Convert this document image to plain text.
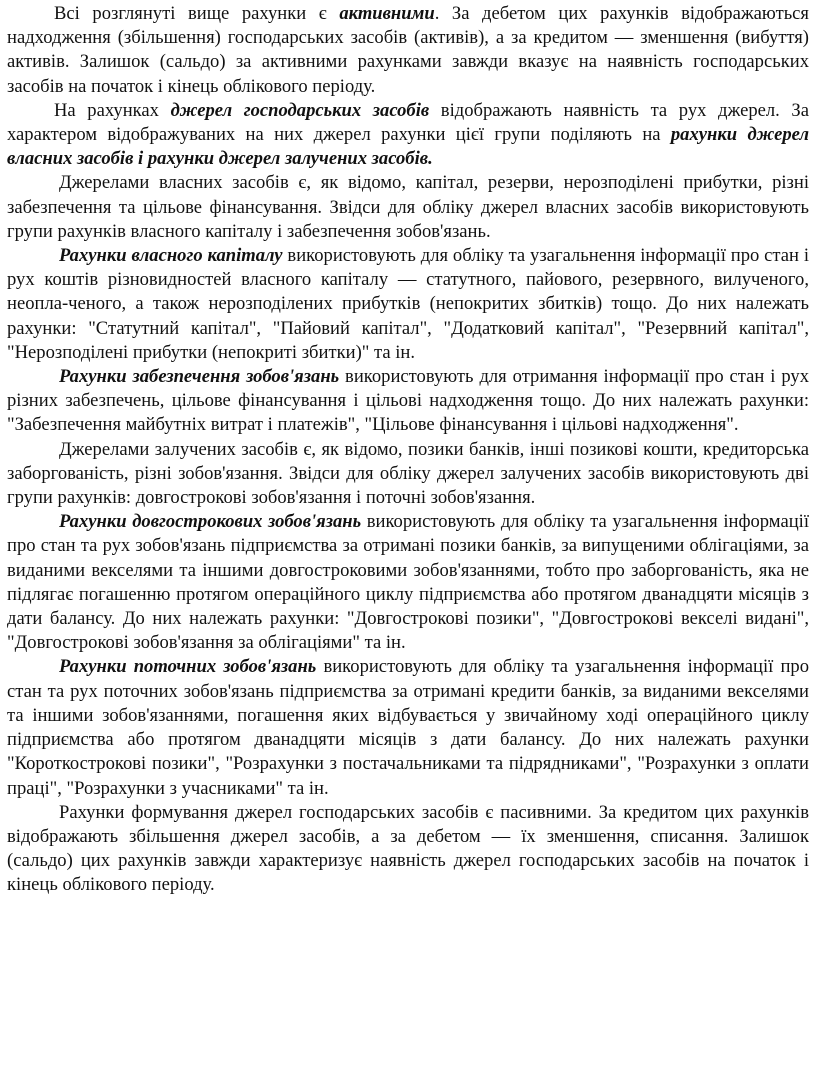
Всі розглянуті вище рахунки є активними. За дебетом цих рахунків відображаються надходження (збільшення) господарських засобів (активів), а за кредитом — зменшення (вибуття) активів. Залишок (сальдо) за активними рахунками завжди вказує на наявність господарських засобів на початок і кінець облікового періоду.

На рахунках джерел господарських засобів відображають наявність та рух джерел. За характером відображуваних на них джерел рахунки цієї групи поділяють на рахунки джерел власних засобів і рахунки джерел залучених засобів.

Джерелами власних засобів є, як відомо, капітал, резерви, нерозподілені прибутки, різні забезпечення та цільове фінансування. Звідси для обліку джерел власних засобів використовують групи рахунків власного капіталу і забезпечення зобов'язань.

Рахунки власного капіталу використовують для обліку та узагальнення інформації про стан і рух коштів різновидностей власного капіталу — статутного, пайового, резервного, вилученого, неопла-ченого, а також нерозподілених прибутків (непокритих збитків) тощо. До них належать рахунки: "Статутний капітал", "Пайовий капітал", "Додатковий капітал", "Резервний капітал", "Нерозподілені прибутки (непокриті збитки)" та ін.

Рахунки забезпечення зобов'язань використовують для отримання інформації про стан і рух різних забезпечень, цільове фінансування і цільові надходження тощо. До них належать рахунки: "Забезпечення майбутніх витрат і платежів", "Цільове фінансування і цільові надходження".

Джерелами залучених засобів є, як відомо, позики банків, інші позикові кошти, кредиторська заборгованість, різні зобов'язання. Звідси для обліку джерел залучених засобів використовують дві групи рахунків: довгострокові зобов'язання і поточні зобов'язання.

Рахунки довгострокових зобов'язань використовують для обліку та узагальнення інформації про стан та рух зобов'язань підприємства за отримані позики банків, за випущеними облігаціями, за виданими векселями та іншими довгостроковими зобов'язаннями, тобто про заборгованість, яка не підлягає погашенню протягом операційного циклу підприємства або протягом дванадцяти місяців з дати балансу. До них належать рахунки: "Довгострокові позики", "Довгострокові векселі видані", "Довгострокові зобов'язання за облігаціями" та ін.

Рахунки поточних зобов'язань використовують для обліку та узагальнення інформації про стан та рух поточних зобов'язань підприємства за отримані кредити банків, за виданими векселями та іншими зобов'язаннями, погашення яких відбувається у звичайному ході операційного циклу підприємства або протягом дванадцяти місяців з дати балансу. До них належать рахунки "Короткострокові позики", "Розрахунки з постачальниками та підрядниками", "Розрахунки з оплати праці", "Розрахунки з учасниками" та ін.

Рахунки формування джерел господарських засобів є пасивними. За кредитом цих рахунків відображають збільшення джерел засобів, а за дебетом — їх зменшення, списання. Залишок (сальдо) цих рахунків завжди характеризує наявність джерел господарських засобів на початок і кінець облікового періоду.
